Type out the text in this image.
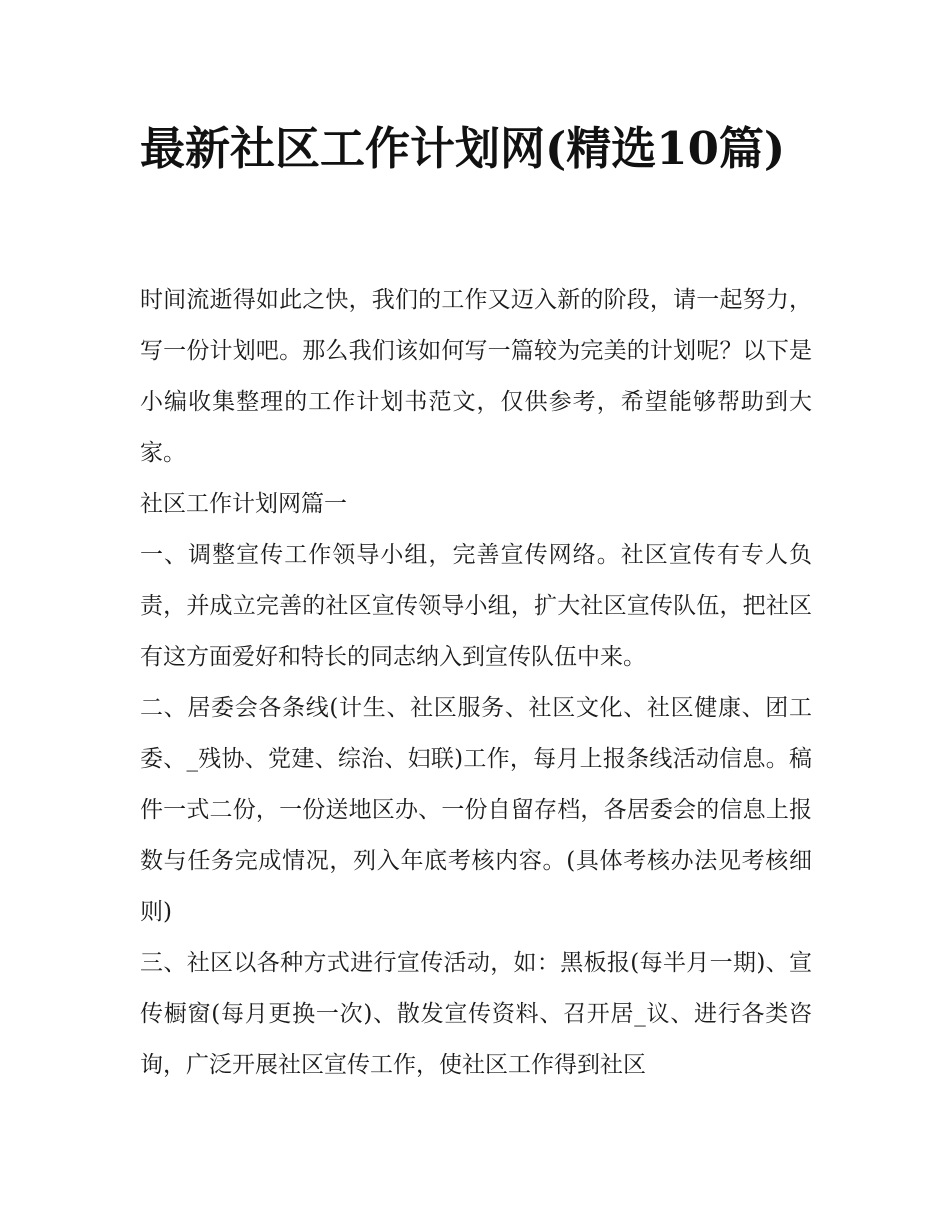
最新社区工作计划网(精选10篇)

时间流逝得如此之快，我们的工作又迈入新的阶段，请一起努力，写一份计划吧。那么我们该如何写一篇较为完美的计划呢？以下是小编收集整理的工作计划书范文，仅供参考，希望能够帮助到大家。

社区工作计划网篇一

一、调整宣传工作领导小组，完善宣传网络。社区宣传有专人负责，并成立完善的社区宣传领导小组，扩大社区宣传队伍，把社区有这方面爱好和特长的同志纳入到宣传队伍中来。

二、居委会各条线(计生、社区服务、社区文化、社区健康、团工委、_残协、党建、综治、妇联)工作，每月上报条线活动信息。稿件一式二份，一份送地区办、一份自留存档，各居委会的信息上报数与任务完成情况，列入年底考核内容。(具体考核办法见考核细则)

三、社区以各种方式进行宣传活动，如：黑板报(每半月一期)、宣传橱窗(每月更换一次)、散发宣传资料、召开居_议、进行各类咨询，广泛开展社区宣传工作，使社区工作得到社区
